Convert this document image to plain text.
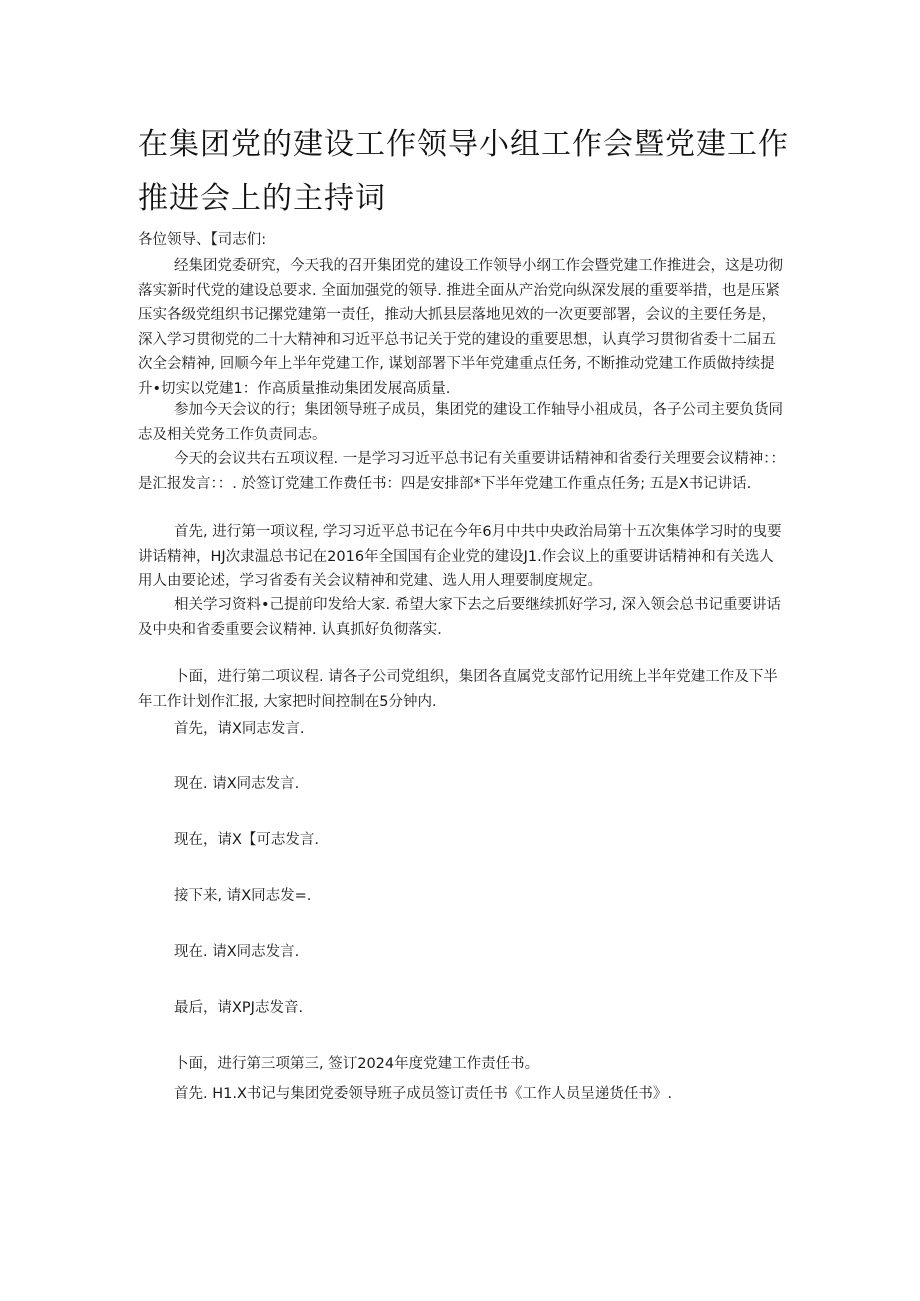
在集团党的建设工作领导小组工作会暨党建工作推进会上的主持词

各位领导、【司志们:

经集团党委研究，今天我的召开集团党的建设工作领导小纲工作会暨党建工作推进会，这是功彻落实新时代党的建设总要求. 全面加强党的领导. 推进全面从产治党向纵深发展的重要举措，也是压紧压实各级党组织书记摞党建第一责任，推动大抓县层落地见效的一次更要部署，会议的主要任务是，深入学习贯彻党的二十大精神和习近平总书记关于党的建设的重要思想，认真学习贯彻省委十二届五次全会精神, 回顺今年上半年党建工作, 谋划部署下半年党建重点任务, 不断推动党建工作质做持续提升•切实以党建1：作高质量推动集团发展高质量.

参加今天会议的行；集团领导班子成员，集团党的建设工作轴导小祖成员，各子公司主要负货同志及相关党务工作负责同志。

今天的会议共右五项议程. 一是学习习近平总书记有关重要讲话精神和省委行关理要会议精神：：是汇报发言：：. 於签订党建工作费任书：四是安排部*下半年党建工作重点任务; 五是X书记讲话.

首先, 进行第一项议程, 学习习近平总书记在今年6月中共中央政治局第十五次集体学习时的曳要讲话精神，HJ次隶温总书记在2016年全国国有企业党的建设J1.作会议上的重要讲话精神和有关选人用人由要论述，学习省委有关会议精神和党建、选人用人理要制度规定。

相关学习资料•己提前印发给大家. 希望大家下去之后要继续抓好学习, 深入领会总书记重要讲话及中央和省委重要会议精神. 认真抓好负彻落实.

卜面，进行第二项议程. 请各子公司党组织，集团各直属党支部竹记用统上半年党建工作及下半年工作计划作汇报, 大家把时间控制在5分钟内.

首先，请X同志发言.

现在. 请X同志发言.

现在，请X【可志发言.

接下来, 请X同志发=.

现在. 请X同志发言.

最后，请XPJ志发音.

卜面，进行第三项第三, 签订2024年度党建工作责任书。

首先. H1.X书记与集团党委领导班子成员签订责任书《工作人员呈递货任书》.
